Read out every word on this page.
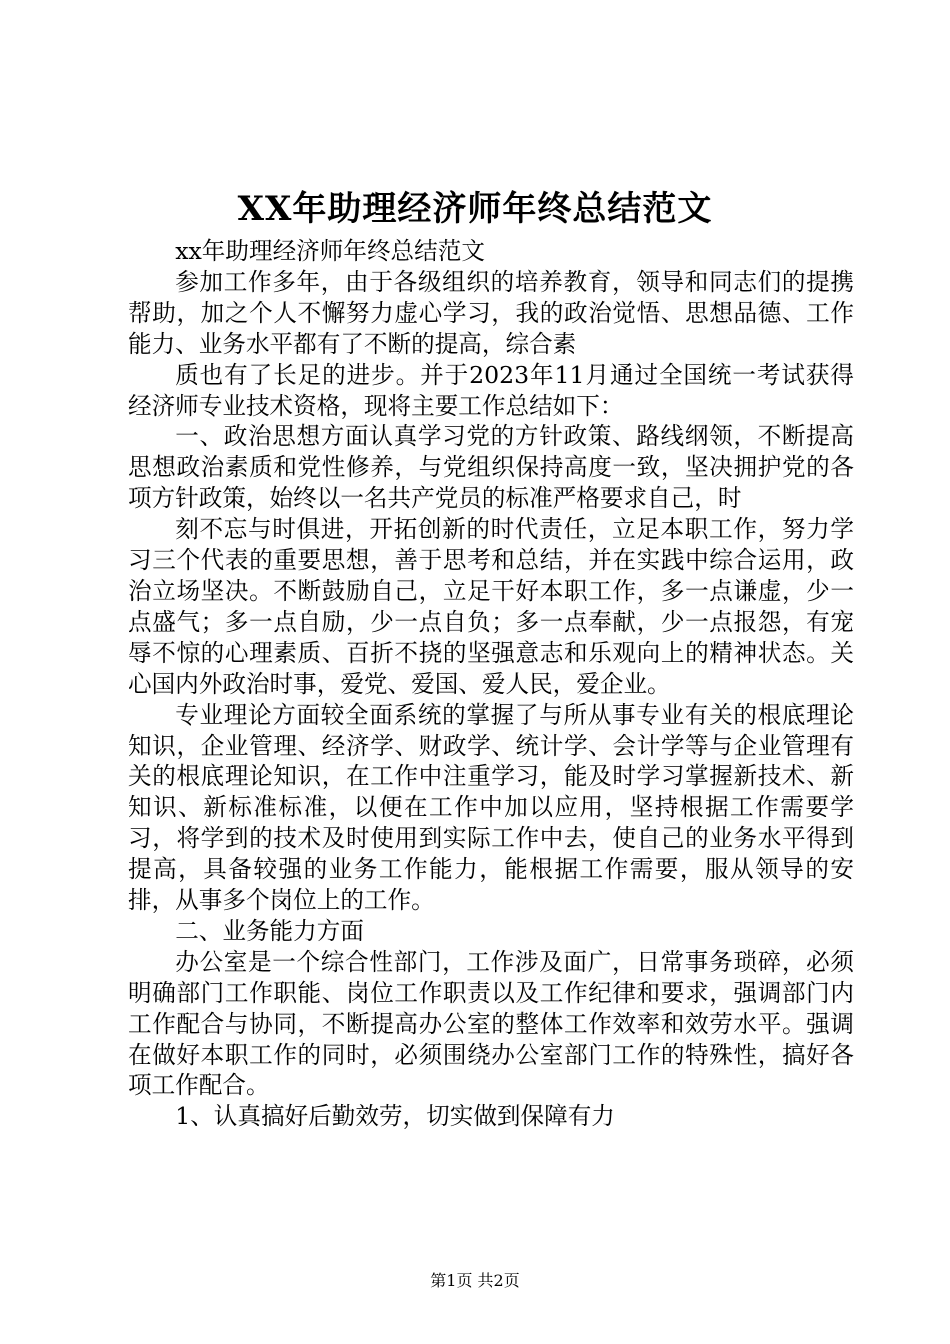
XX年助理经济师年终总结范文

xx年助理经济师年终总结范文

参加工作多年，由于各级组织的培养教育，领导和同志们的提携帮助，加之个人不懈努力虚心学习，我的政治觉悟、思想品德、工作能力、业务水平都有了不断的提高，综合素

质也有了长足的进步。并于2023年11月通过全国统一考试获得经济师专业技术资格，现将主要工作总结如下：

一、政治思想方面认真学习党的方针政策、路线纲领，不断提高思想政治素质和党性修养，与党组织保持高度一致，坚决拥护党的各项方针政策，始终以一名共产党员的标准严格要求自己，时

刻不忘与时俱进，开拓创新的时代责任，立足本职工作，努力学习三个代表的重要思想，善于思考和总结，并在实践中综合运用，政治立场坚决。不断鼓励自己，立足干好本职工作，多一点谦虚，少一点盛气；多一点自励，少一点自负；多一点奉献，少一点报怨，有宠辱不惊的心理素质、百折不挠的坚强意志和乐观向上的精神状态。关心国内外政治时事，爱党、爱国、爱人民，爱企业。

专业理论方面较全面系统的掌握了与所从事专业有关的根底理论知识，企业管理、经济学、财政学、统计学、会计学等与企业管理有关的根底理论知识，在工作中注重学习，能及时学习掌握新技术、新知识、新标准标准，以便在工作中加以应用，坚持根据工作需要学习，将学到的技术及时使用到实际工作中去，使自己的业务水平得到提高，具备较强的业务工作能力，能根据工作需要，服从领导的安排，从事多个岗位上的工作。

二、业务能力方面

办公室是一个综合性部门，工作涉及面广，日常事务琐碎，必须明确部门工作职能、岗位工作职责以及工作纪律和要求，强调部门内工作配合与协同，不断提高办公室的整体工作效率和效劳水平。强调在做好本职工作的同时，必须围绕办公室部门工作的特殊性，搞好各项工作配合。

1、认真搞好后勤效劳，切实做到保障有力

第1页 共2页
